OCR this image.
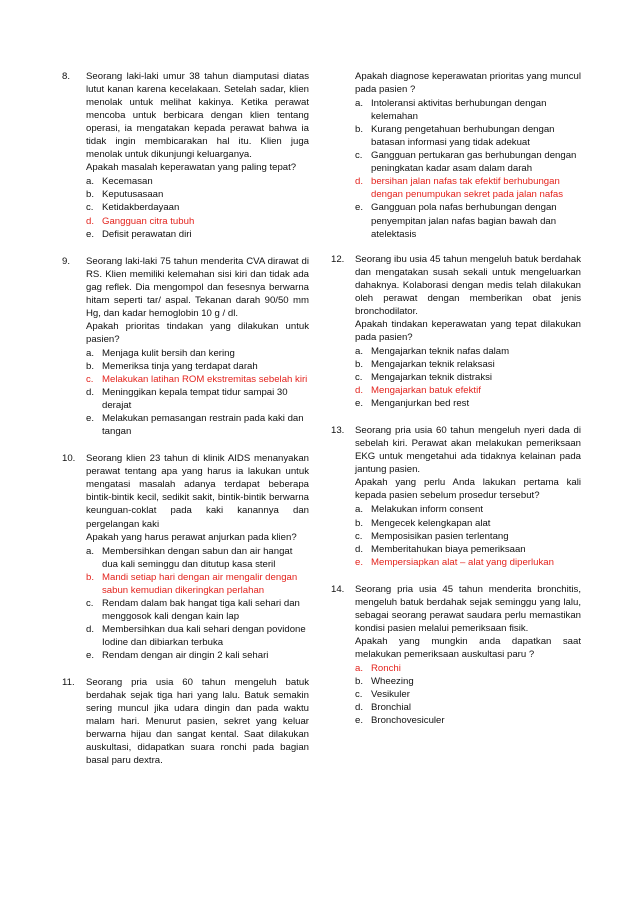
8. Seorang laki-laki umur 38 tahun diamputasi diatas lutut kanan karena kecelakaan. Setelah sadar, klien menolak untuk melihat kakinya. Ketika perawat mencoba untuk berbicara dengan klien tentang operasi, ia mengatakan kepada perawat bahwa ia tidak ingin membicarakan hal itu. Klien juga menolak untuk dikunjungi keluarganya.
Apakah masalah keperawatan yang paling tepat?
a. Kecemasan
b. Keputusasaan
c. Ketidakberdayaan
d. Gangguan citra tubuh
e. Defisit perawatan diri
9. Seorang laki-laki 75 tahun menderita CVA dirawat di RS. Klien memiliki kelemahan sisi kiri dan tidak ada gag reflek. Dia mengompol dan fesesnya berwarna hitam seperti tar/ aspal. Tekanan darah 90/50 mm Hg, dan kadar hemoglobin 10 g / dl.
Apakah prioritas tindakan yang dilakukan untuk pasien?
a. Menjaga kulit bersih dan kering
b. Memeriksa tinja yang terdapat darah
c. Melakukan latihan ROM ekstremitas sebelah kiri
d. Meninggikan kepala tempat tidur sampai 30 derajat
e. Melakukan pemasangan restrain pada kaki dan tangan
10. Seorang klien 23 tahun di klinik AIDS menanyakan perawat tentang apa yang harus ia lakukan untuk mengatasi masalah adanya terdapat beberapa bintik-bintik kecil, sedikit sakit, bintik-bintik berwarna keunguan-coklat pada kaki kanannya dan pergelangan kaki
Apakah yang harus perawat anjurkan pada klien?
a. Membersihkan dengan sabun dan air hangat dua kali seminggu dan ditutup kasa steril
b. Mandi setiap hari dengan air mengalir dengan sabun kemudian dikeringkan perlahan
c. Rendam dalam bak hangat tiga kali sehari dan menggosok kali dengan kain lap
d. Membersihkan dua kali sehari dengan povidone Iodine dan dibiarkan terbuka
e. Rendam dengan air dingin 2 kali sehari
11. Seorang pria usia 60 tahun mengeluh batuk berdahak sejak tiga hari yang lalu. Batuk semakin sering muncul jika udara dingin dan pada waktu malam hari. Menurut pasien, sekret yang keluar berwarna hijau dan sangat kental. Saat dilakukan auskultasi, didapatkan suara ronchi pada bagian basal paru dextra.
Apakah diagnose keperawatan prioritas yang muncul pada pasien ?
a. Intoleransi aktivitas berhubungan dengan kelemahan
b. Kurang pengetahuan berhubungan dengan batasan informasi yang tidak adekuat
c. Gangguan pertukaran gas berhubungan dengan peningkatan kadar asam dalam darah
d. bersihan jalan nafas tak efektif berhubungan dengan penumpukan sekret pada jalan nafas
e. Gangguan pola nafas berhubungan dengan penyempitan jalan nafas bagian bawah dan atelektasis
12. Seorang ibu usia 45 tahun mengeluh batuk berdahak dan mengatakan susah sekali untuk mengeluarkan dahaknya. Kolaborasi dengan medis telah dilakukan oleh perawat dengan memberikan obat jenis bronchodilator.
Apakah tindakan keperawatan yang tepat dilakukan pada pasien?
a. Mengajarkan teknik nafas dalam
b. Mengajarkan teknik relaksasi
c. Mengajarkan teknik distraksi
d. Mengajarkan batuk efektif
e. Menganjurkan bed rest
13. Seorang pria usia 60 tahun mengeluh nyeri dada di sebelah kiri. Perawat akan melakukan pemeriksaan EKG untuk mengetahui ada tidaknya kelainan pada jantung pasien.
Apakah yang perlu Anda lakukan pertama kali kepada pasien sebelum prosedur tersebut?
a. Melakukan inform consent
b. Mengecek kelengkapan alat
c. Memposisikan pasien terlentang
d. Memberitahukan biaya pemeriksaan
e. Mempersiapkan alat – alat yang diperlukan
14. Seorang pria usia 45 tahun menderita bronchitis, mengeluh batuk berdahak sejak seminggu yang lalu, sebagai seorang perawat saudara perlu memastikan kondisi pasien melalui pemeriksaan fisik.
Apakah yang mungkin anda dapatkan saat melakukan pemeriksaan auskultasi paru ?
a. Ronchi
b. Wheezing
c. Vesikuler
d. Bronchial
e. Bronchovesiculer
